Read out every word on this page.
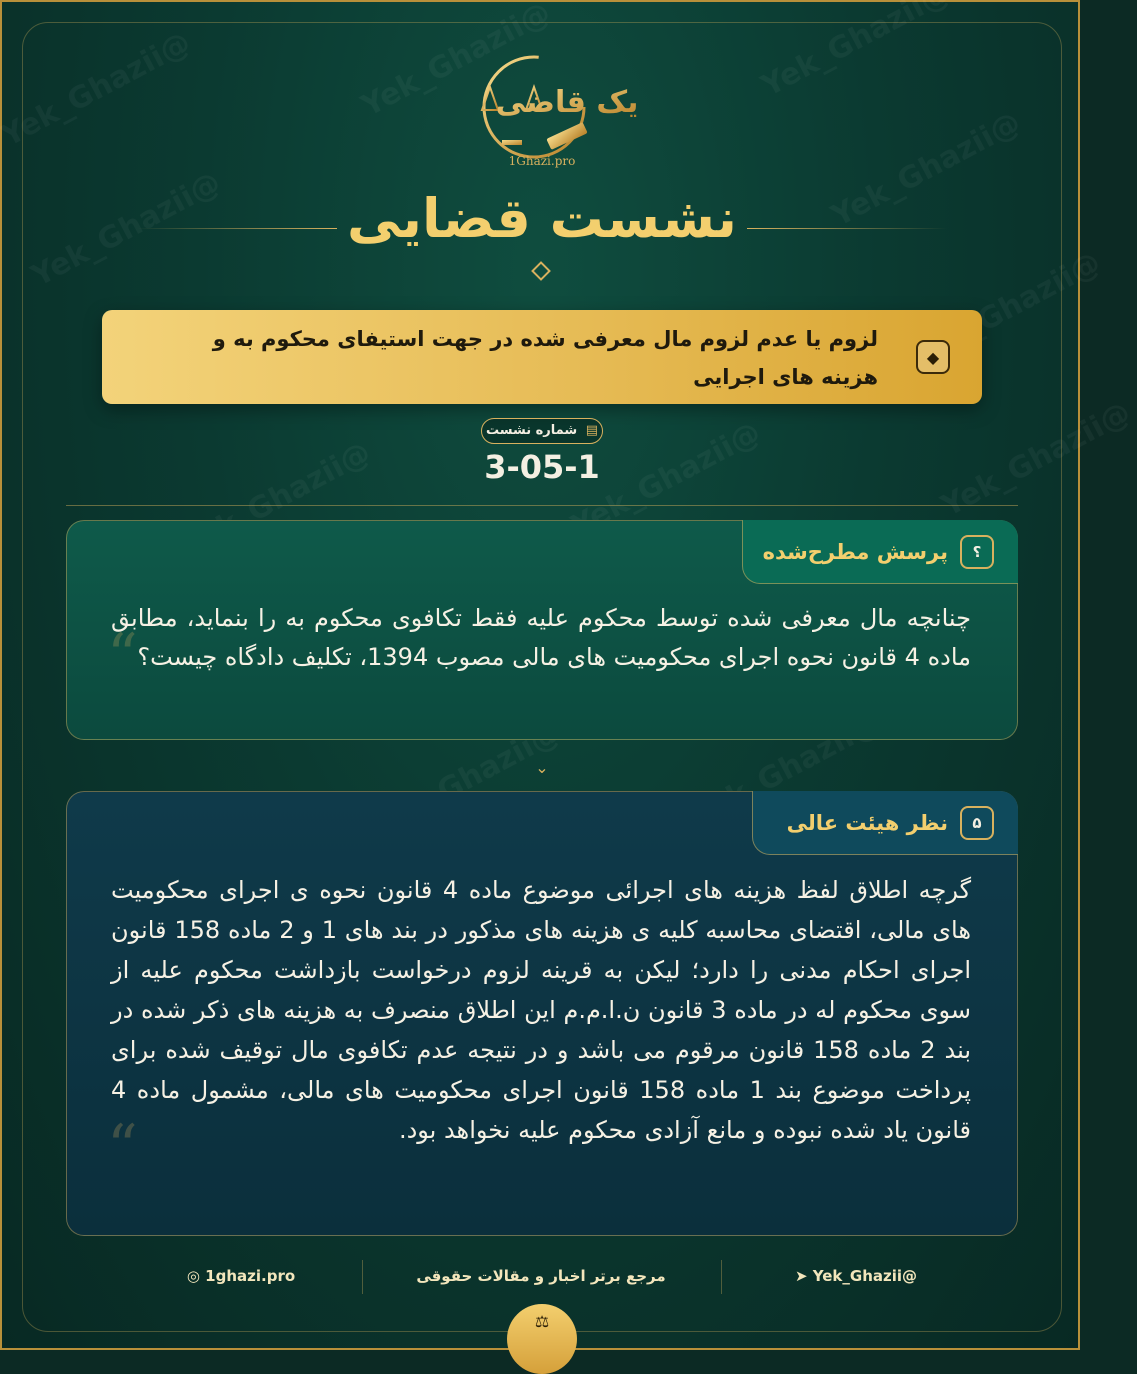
یک قاضی
1Ghazi.pro
نشست قضایی
◆
لزوم یا عدم لزوم مال معرفی شده در جهت استیفای محکوم به و هزینه های اجرایی
▤ شماره نشست
3-05-1
؟
پرسش مطرح‌شده
“
چنانچه مال معرفی شده توسط محکوم علیه فقط تکافوی محکوم به را بنماید، مطابق ماده 4 قانون نحوه اجرای محکومیت های مالی مصوب 1394، تکلیف دادگاه چیست؟
⌄
۵
نظر هیئت عالی
“
گرچه اطلاق لفظ هزینه های اجرائی موضوع ماده 4 قانون نحوه ی اجرای محکومیت های مالی، اقتضای محاسبه کلیه ی هزینه های مذکور در بند های 1 و 2 ماده 158 قانون اجرای احکام مدنی را دارد؛ لیکن به قرینه لزوم درخواست بازداشت محکوم علیه از سوی محکوم له در ماده 3 قانون ن.ا.م.م این اطلاق منصرف به هزینه های ذکر شده در بند 2 ماده 158 قانون مرقوم می باشد و در نتیجه عدم تکافوی مال توقیف شده برای پرداخت موضوع بند 1 ماده 158 قانون اجرای محکومیت های مالی، مشمول ماده 4 قانون یاد شده نبوده و مانع آزادی محکوم علیه نخواهد بود.
◎ 1ghazi.pro	مرجع برتر اخبار و مقالات حقوقی	➤ Yek_Ghazii@
⚖
